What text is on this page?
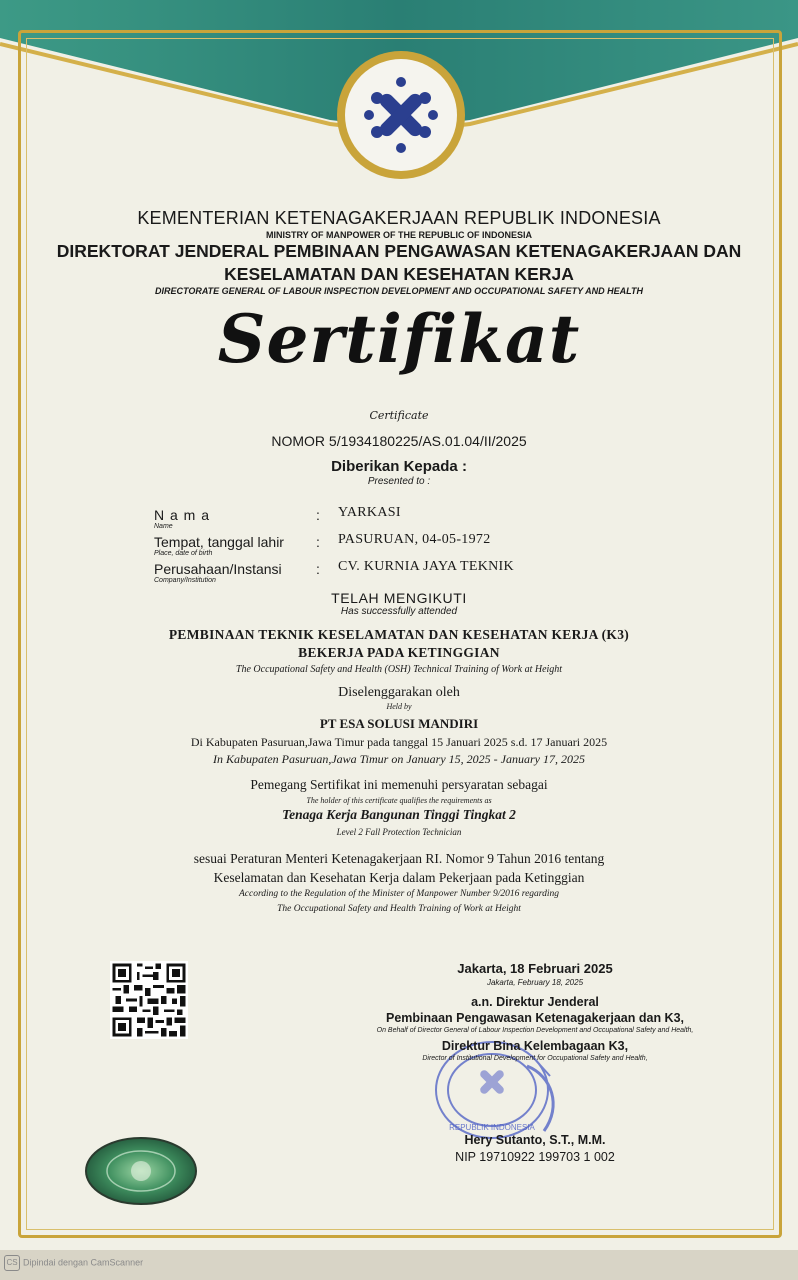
KEMENTERIAN KETENAGAKERJAAN REPUBLIK INDONESIA
MINISTRY OF MANPOWER OF THE REPUBLIC OF INDONESIA
DIREKTORAT JENDERAL PEMBINAAN PENGAWASAN KETENAGAKERJAAN DAN
KESELAMATAN DAN KESEHATAN KERJA
DIRECTORATE GENERAL OF LABOUR INSPECTION DEVELOPMENT AND OCCUPATIONAL SAFETY AND HEALTH
Sertifikat
Certificate
NOMOR 5/1934180225/AS.01.04/II/2025
Diberikan Kepada :
Presented to :
N a m a
Name
: YARKASI
Tempat, tanggal lahir
Place, date of birth
: PASURUAN, 04-05-1972
Perusahaan/Instansi
Company/Institution
: CV. KURNIA JAYA TEKNIK
TELAH MENGIKUTI
Has successfully attended
PEMBINAAN TEKNIK KESELAMATAN DAN KESEHATAN KERJA (K3)
BEKERJA PADA KETINGGIAN
The Occupational Safety and Health (OSH) Technical Training of Work at Height
Diselenggarakan oleh
Held by
PT ESA SOLUSI MANDIRI
Di Kabupaten Pasuruan,Jawa Timur pada tanggal 15 Januari 2025 s.d. 17 Januari 2025
In Kabupaten Pasuruan,Jawa Timur on January 15, 2025 - January 17, 2025
Pemegang Sertifikat ini memenuhi persyaratan sebagai
The holder of this certificate qualifies the requirements as
Tenaga Kerja Bangunan Tinggi Tingkat 2
Level 2 Fall Protection Technician
sesuai Peraturan Menteri Ketenagakerjaan RI. Nomor 9 Tahun 2016 tentang
Keselamatan dan Kesehatan Kerja dalam Pekerjaan pada Ketinggian
According to the Regulation of the Minister of Manpower Number 9/2016 regarding
The Occupational Safety and Health Training of Work at Height
REPUBLIK INDONESIA
Jakarta, 18 Februari 2025
Jakarta, February 18, 2025
a.n. Direktur Jenderal
Pembinaan Pengawasan Ketenagakerjaan dan K3,
On Behalf of Director General of Labour Inspection Development and Occupational Safety and Health,
Direktur Bina Kelembagaan K3,
Director of Institutional Development for Occupational Safety and Health,
Hery Sutanto, S.T., M.M.
NIP 19710922 199703 1 002
CS Dipindai dengan CamScanner
